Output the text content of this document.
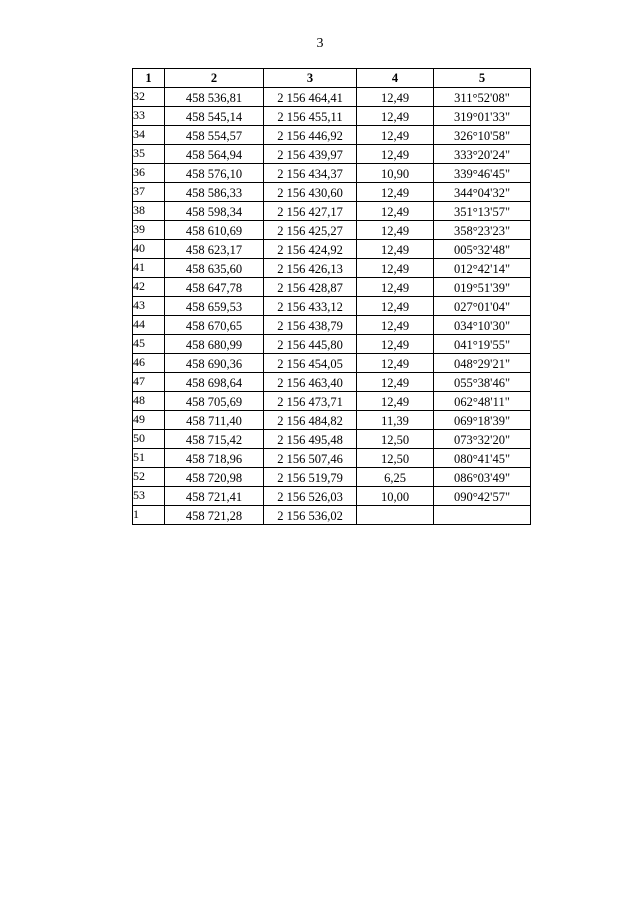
3
1	2	3	4	5
32	458 536,81	2 156 464,41	12,49	311°52'08"
33	458 545,14	2 156 455,11	12,49	319°01'33"
34	458 554,57	2 156 446,92	12,49	326°10'58"
35	458 564,94	2 156 439,97	12,49	333°20'24"
36	458 576,10	2 156 434,37	10,90	339°46'45"
37	458 586,33	2 156 430,60	12,49	344°04'32"
38	458 598,34	2 156 427,17	12,49	351°13'57"
39	458 610,69	2 156 425,27	12,49	358°23'23"
40	458 623,17	2 156 424,92	12,49	005°32'48"
41	458 635,60	2 156 426,13	12,49	012°42'14"
42	458 647,78	2 156 428,87	12,49	019°51'39"
43	458 659,53	2 156 433,12	12,49	027°01'04"
44	458 670,65	2 156 438,79	12,49	034°10'30"
45	458 680,99	2 156 445,80	12,49	041°19'55"
46	458 690,36	2 156 454,05	12,49	048°29'21"
47	458 698,64	2 156 463,40	12,49	055°38'46"
48	458 705,69	2 156 473,71	12,49	062°48'11"
49	458 711,40	2 156 484,82	11,39	069°18'39"
50	458 715,42	2 156 495,48	12,50	073°32'20"
51	458 718,96	2 156 507,46	12,50	080°41'45"
52	458 720,98	2 156 519,79	6,25	086°03'49"
53	458 721,41	2 156 526,03	10,00	090°42'57"
1	458 721,28	2 156 536,02		
